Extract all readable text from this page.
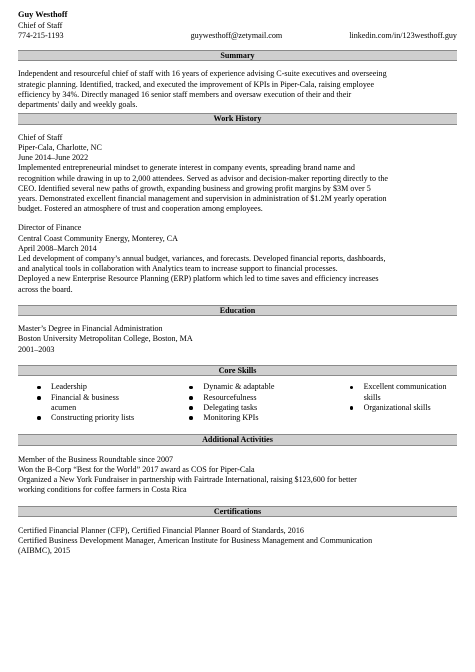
Guy Westhoff
Chief of Staff
774-215-1193	guywesthoff@zetymail.com	linkedin.com/in/123westhoff.guy
Summary

Independent and resourceful chief of staff with 16 years of experience advising C-suite executives and overseeing

strategic planning. Identified, tracked, and executed the improvement of KPIs in Piper-Cala, raising employee

efficiency by 34%. Directly managed 16 senior staff members and oversaw execution of their and their

departments' daily and weekly goals.

Work History

Chief of Staff

Piper-Cala, Charlotte, NC

June 2014–June 2022

Implemented entrepreneurial mindset to generate interest in company events, spreading brand name and

recognition while drawing in up to 2,000 attendees. Served as advisor and decision-maker reporting directly to the

CEO. Identified several new paths of growth, expanding business and growing profit margins by $3M over 5

years. Demonstrated excellent financial management and supervision in administration of $1.2M yearly operation

budget. Fostered an atmosphere of trust and cooperation among employees.

Director of Finance

Central Coast Community Energy, Monterey, CA

April 2008–March 2014

Led development of company’s annual budget, variances, and forecasts. Developed financial reports, dashboards,

and analytical tools in collaboration with Analytics team to increase support to financial processes.

Deployed a new Enterprise Resource Planning (ERP) platform which led to time saves and efficiency increases

across the board.

Education

Master’s Degree in Financial Administration

Boston University Metropolitan College, Boston, MA

2001–2003

Core Skills
Leadership
Financial & business acumen
Constructing priority lists
Dynamic & adaptable
Resourcefulness
Delegating tasks
Monitoring KPIs
Excellent communication skills
Organizational skills
Additional Activities

Member of the Business Roundtable since 2007

Won the B-Corp “Best for the World” 2017 award as COS for Piper-Cala

Organized a New York Fundraiser in partnership with Fairtrade International, raising $123,600 for better

working conditions for coffee farmers in Costa Rica

Certifications

Certified Financial Planner (CFP), Certified Financial Planner Board of Standards, 2016

Certified Business Development Manager, American Institute for Business Management and Communication

(AIBMC), 2015
